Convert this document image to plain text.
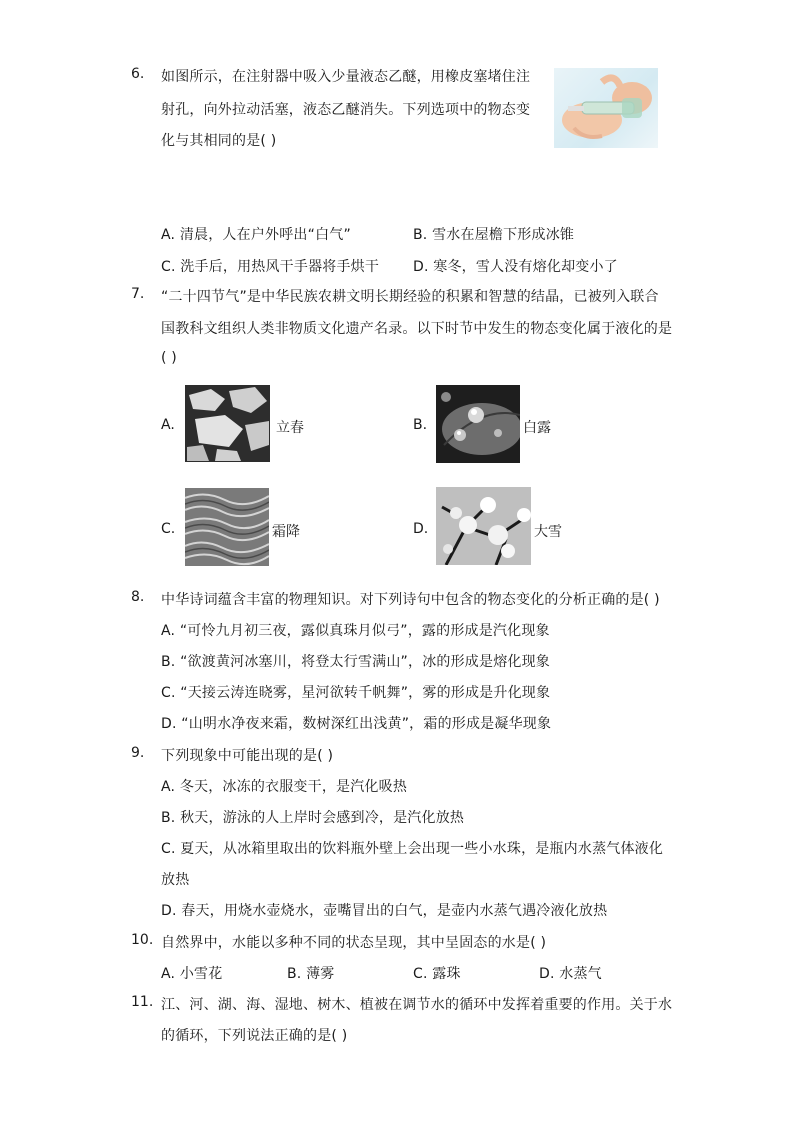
6. 如图所示，在注射器中吸入少量液态乙醚，用橡皮塞堵住注
射孔，向外拉动活塞，液态乙醚消失。下列选项中的物态变
化与其相同的是( )
A. 清晨，人在户外呼出“白气”	B. 雪水在屋檐下形成冰锥
C. 洗手后，用热风干手器将手烘干 D. 寒冬，雪人没有熔化却变小了
7. “二十四节气”是中华民族农耕文明长期经验的积累和智慧的结晶，已被列入联合
国教科文组织人类非物质文化遗产名录。以下时节中发生的物态变化属于液化的是
( )
A.	立春	B.	白露
C.	霜降	D.	大雪
8. 中华诗词蕴含丰富的物理知识。对下列诗句中包含的物态变化的分析正确的是( )
A. “可怜九月初三夜，露似真珠月似弓”，露的形成是汽化现象
B. “欲渡黄河冰塞川，将登太行雪满山”，冰的形成是熔化现象
C. “天接云涛连晓雾，星河欲转千帆舞”，雾的形成是升化现象
D. “山明水净夜来霜，数树深红出浅黄”，霜的形成是凝华现象
9. 下列现象中可能出现的是( )
A. 冬天，冰冻的衣服变干，是汽化吸热
B. 秋天，游泳的人上岸时会感到冷，是汽化放热
C. 夏天，从冰箱里取出的饮料瓶外壁上会出现一些小水珠，是瓶内水蒸气体液化
放热
D. 春天，用烧水壶烧水，壶嘴冒出的白气，是壶内水蒸气遇冷液化放热
10. 自然界中，水能以多种不同的状态呈现，其中呈固态的水是( )
A. 小雪花	B. 薄雾	C. 露珠	D. 水蒸气
11. 江、河、湖、海、湿地、树木、植被在调节水的循环中发挥着重要的作用。关于水
的循环，下列说法正确的是( )
